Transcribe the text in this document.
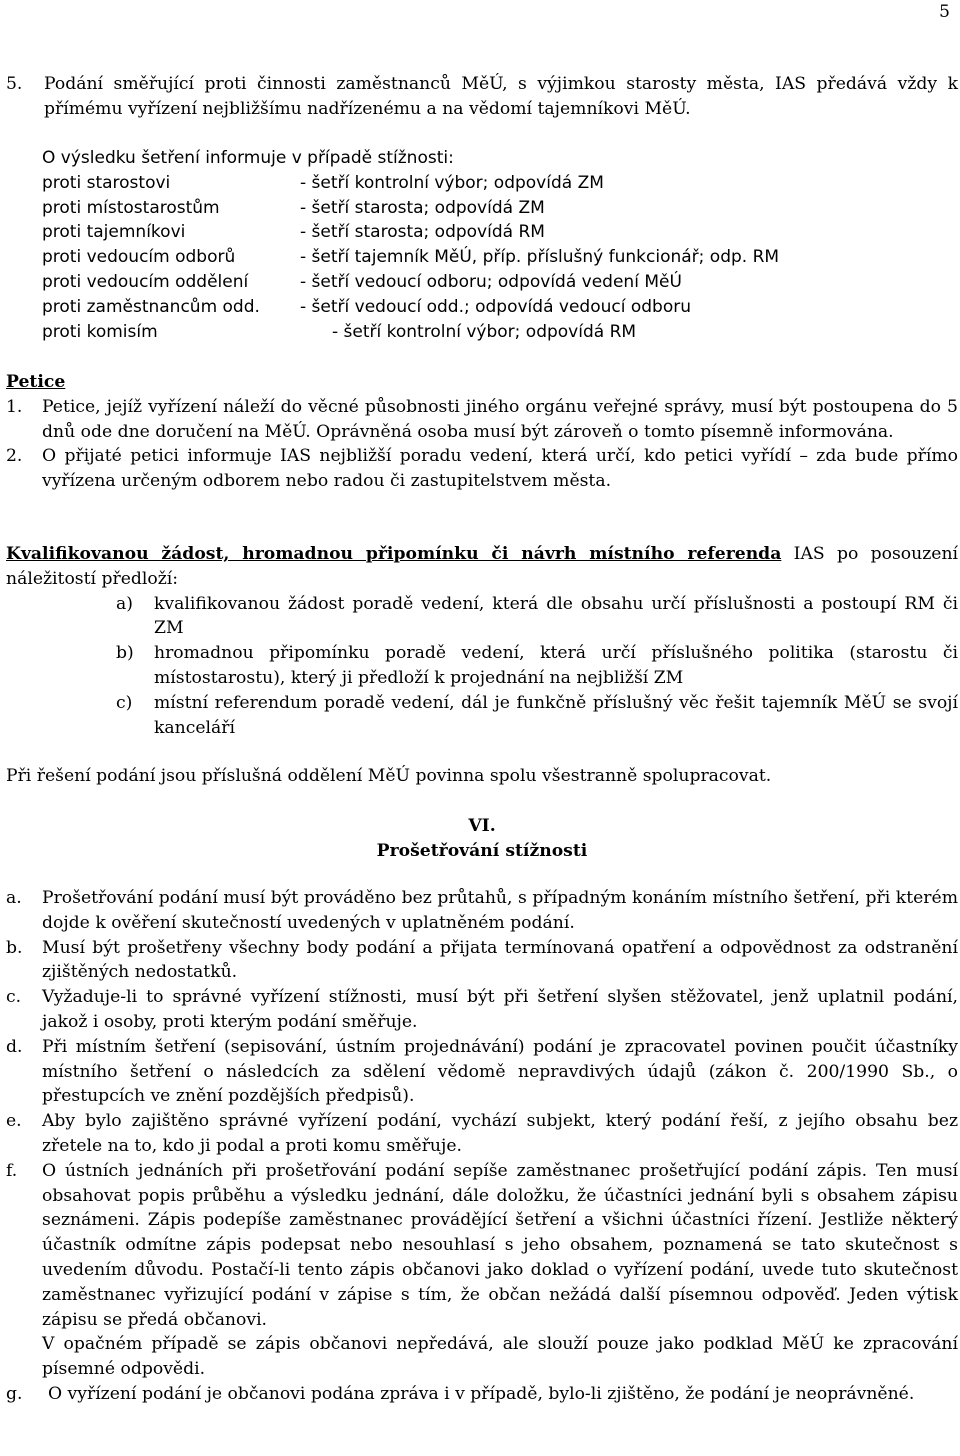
5
5.	Podání směřující proti činnosti zaměstnanců MěÚ, s výjimkou starosty města, IAS předává vždy k přímému vyřízení nejbližšímu nadřízenému a na vědomí tajemníkovi MěÚ.
O výsledku šetření informuje v případě stížnosti:
proti starostovi	- šetří kontrolní výbor; odpovídá ZM
proti místostarostům	- šetří starosta; odpovídá ZM
proti tajemníkovi	- šetří starosta; odpovídá RM
proti vedoucím odborů	- šetří tajemník MěÚ, příp. příslušný funkcionář; odp. RM
proti vedoucím oddělení	- šetří vedoucí odboru; odpovídá vedení MěÚ
proti zaměstnancům odd.	- šetří vedoucí odd.; odpovídá vedoucí odboru
proti komisím	- šetří kontrolní výbor; odpovídá RM
Petice
1.	Petice, jejíž vyřízení náleží do věcné působnosti jiného orgánu veřejné správy, musí být postoupena do 5 dnů ode dne doručení na MěÚ. Oprávněná osoba musí být zároveň o tomto písemně informována.
2.	O přijaté petici informuje IAS nejbližší poradu vedení, která určí, kdo petici vyřídí – zda bude přímo vyřízena určeným odborem nebo radou či zastupitelstvem města.
Kvalifikovanou žádost, hromadnou připomínku či návrh místního referenda IAS po posouzení náležitostí předloží:
a)	kvalifikovanou žádost poradě vedení, která dle obsahu určí příslušnosti a postoupí RM či ZM
b)	hromadnou připomínku poradě vedení, která určí příslušného politika (starostu či místostarostu), který ji předloží k projednání na nejbližší ZM
c)	místní referendum poradě vedení, dál je funkčně příslušný věc řešit tajemník MěÚ se svojí kanceláří
Při řešení podání jsou příslušná oddělení MěÚ povinna spolu všestranně spolupracovat.
VI.
Prošetřování stížnosti
a.	Prošetřování podání musí být prováděno bez průtahů, s případným konáním místního šetření, při kterém dojde k ověření skutečností uvedených v uplatněném podání.
b.	Musí být prošetřeny všechny body podání a přijata termínovaná opatření a odpovědnost za odstranění zjištěných nedostatků.
c.	Vyžaduje-li to správné vyřízení stížnosti, musí být při šetření slyšen stěžovatel, jenž uplatnil podání, jakož i osoby, proti kterým podání směřuje.
d.	Při místním šetření (sepisování, ústním projednávání) podání je zpracovatel povinen poučit účastníky místního šetření o následcích za sdělení vědomě nepravdivých údajů (zákon č. 200/1990 Sb., o přestupcích ve znění pozdějších předpisů).
e.	Aby bylo zajištěno správné vyřízení podání, vychází subjekt, který podání řeší, z jejího obsahu bez zřetele na to, kdo ji podal a proti komu směřuje.
f.	O ústních jednáních při prošetřování podání sepíše zaměstnanec prošetřující podání zápis. Ten musí obsahovat popis průběhu a výsledku jednání, dále doložku, že účastníci jednání byli s obsahem zápisu seznámeni. Zápis podepíše zaměstnanec provádějící šetření a všichni účastníci řízení. Jestliže některý účastník odmítne zápis podepsat nebo nesouhlasí s jeho obsahem, poznamená se tato skutečnost s uvedením důvodu. Postačí-li tento zápis občanovi jako doklad o vyřízení podání, uvede tuto skutečnost zaměstnanec vyřizující podání v zápise s tím, že občan nežádá další písemnou odpověď. Jeden výtisk zápisu se předá občanovi.
V opačném případě se zápis občanovi nepředává, ale slouží pouze jako podklad MěÚ ke zpracování písemné odpovědi.
g.	O vyřízení podání je občanovi podána zpráva i v případě, bylo-li zjištěno, že podání je neoprávněné.
